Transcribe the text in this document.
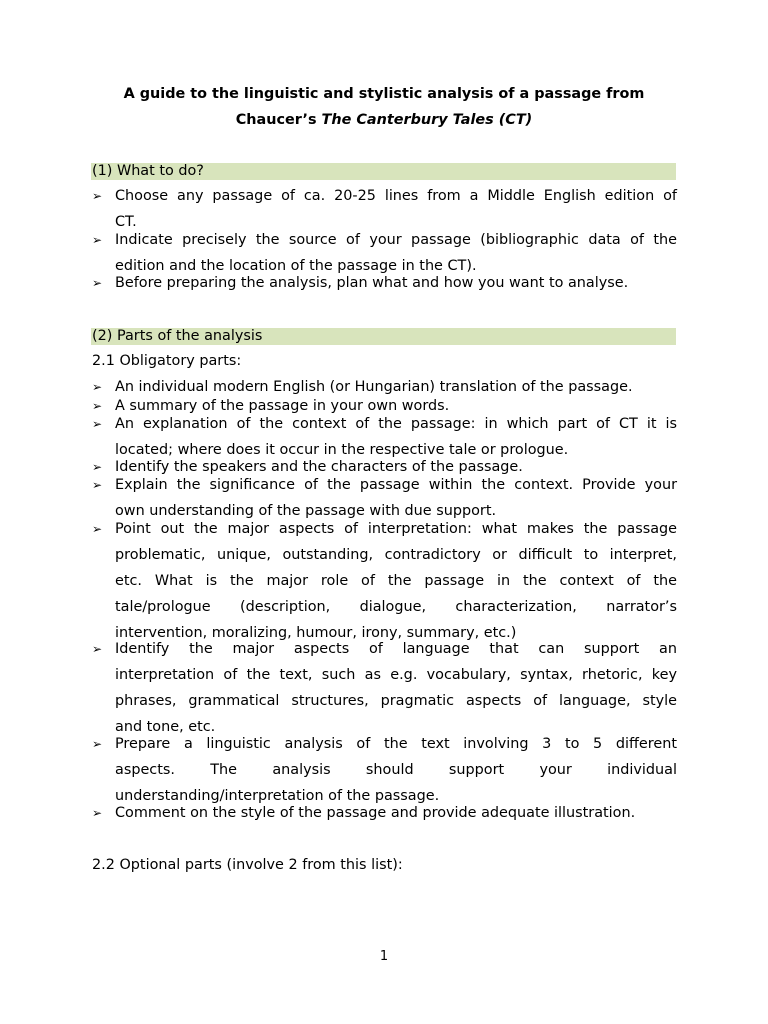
A guide to the linguistic and stylistic analysis of a passage from
Chaucer’s The Canterbury Tales (CT)
(1) What to do?
(2) Parts of the analysis
2.1 Obligatory parts:
➢ Choose any passage of ca. 20-25 lines from a Middle English edition of
CT.
➢ Indicate precisely the source of your passage (bibliographic data of the
edition and the location of the passage in the CT).
➢ Before preparing the analysis, plan what and how you want to analyse.
➢ An individual modern English (or Hungarian) translation of the passage.
➢ A summary of the passage in your own words.
➢ An explanation of the context of the passage: in which part of CT it is
located; where does it occur in the respective tale or prologue.
➢ Identify the speakers and the characters of the passage.
➢ Explain the significance of the passage within the context. Provide your
own understanding of the passage with due support.
➢ Point out the major aspects of interpretation: what makes the passage
problematic, unique, outstanding, contradictory or difficult to interpret,
etc. What is the major role of the passage in the context of the
tale/prologue (description, dialogue, characterization, narrator’s
intervention, moralizing, humour, irony, summary, etc.)
➢ Identify the major aspects of language that can support an
interpretation of the text, such as e.g. vocabulary, syntax, rhetoric, key
phrases, grammatical structures, pragmatic aspects of language, style
and tone, etc.
➢ Prepare a linguistic analysis of the text involving 3 to 5 different
aspects. The analysis should support your individual
understanding/interpretation of the passage.
➢ Comment on the style of the passage and provide adequate illustration.
2.2 Optional parts (involve 2 from this list):
1
